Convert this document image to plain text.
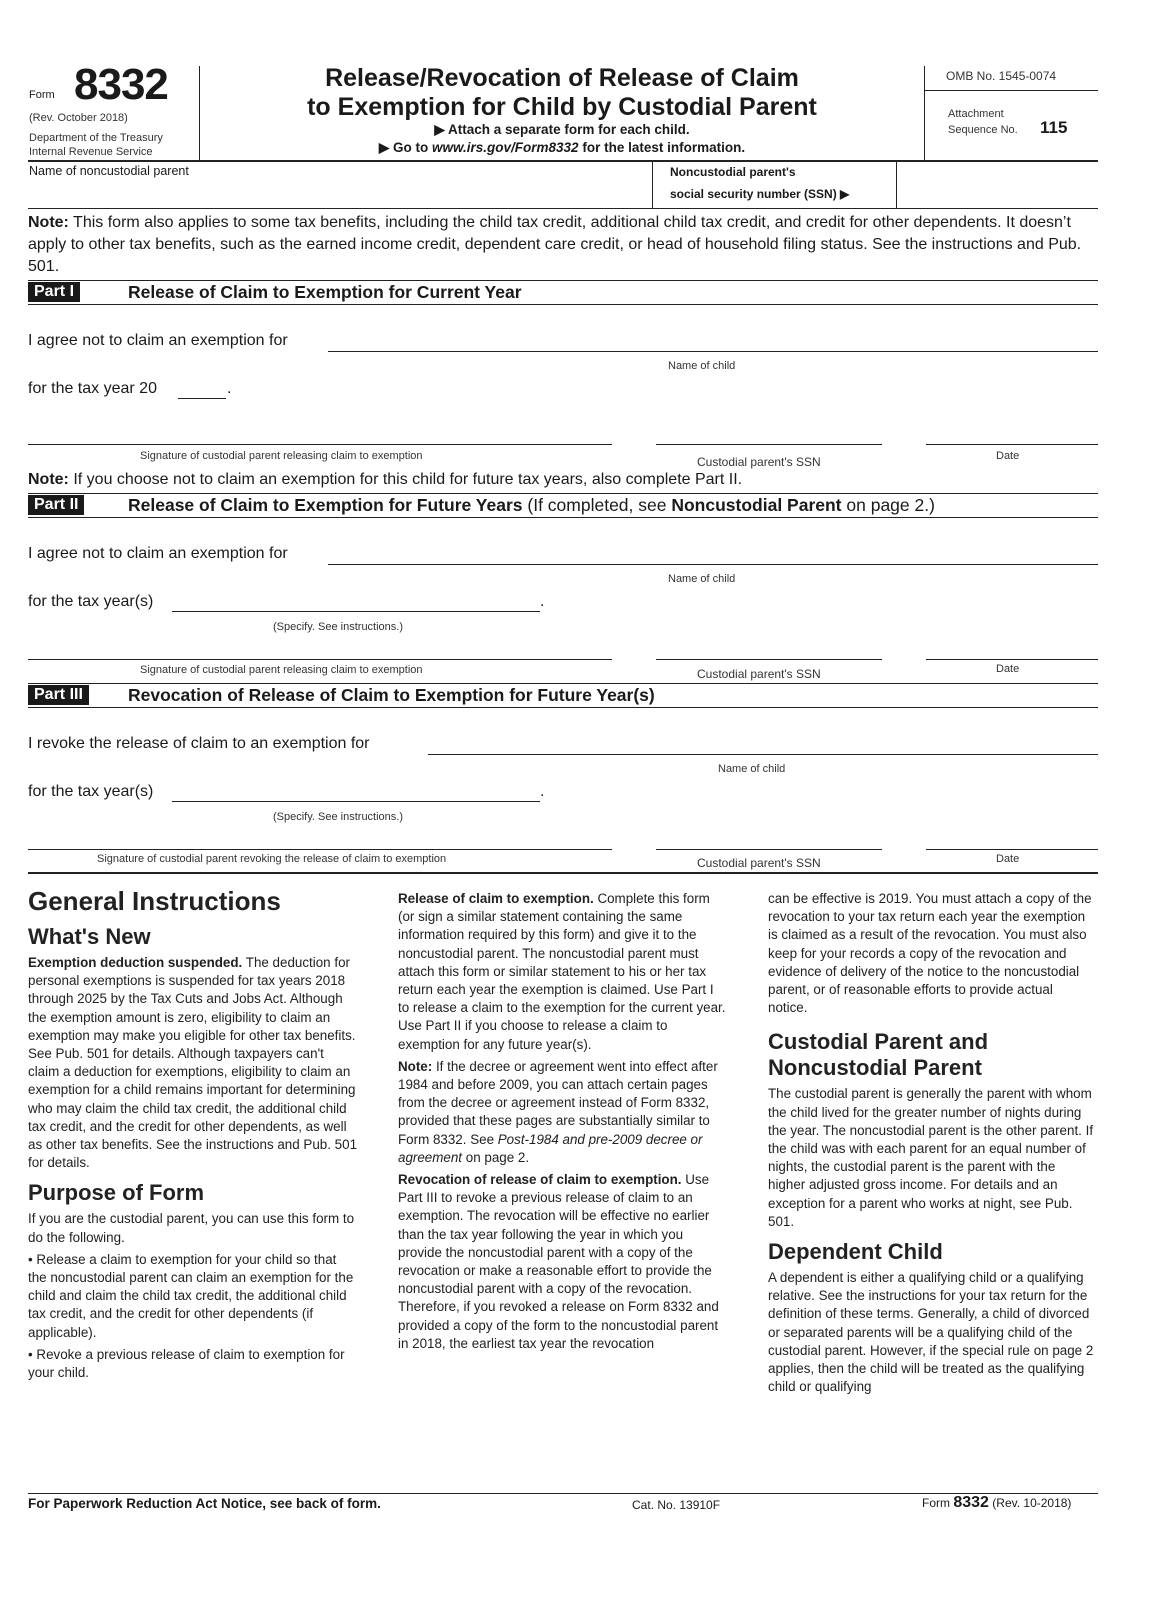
Form 8332
(Rev. October 2018)
Department of the Treasury
Internal Revenue Service
Release/Revocation of Release of Claim
to Exemption for Child by Custodial Parent
▶ Attach a separate form for each child.
▶ Go to www.irs.gov/Form8332 for the latest information.
OMB No. 1545-0074
Attachment
Sequence No. 115
Name of noncustodial parent	Noncustodial parent's
social security number (SSN) ▶
Note: This form also applies to some tax benefits, including the child tax credit, additional child tax credit, and credit for other dependents. It doesn’t apply to other tax benefits, such as the earned income credit, dependent care credit, or head of household filing status. See the instructions and Pub. 501.
Part I	Release of Claim to Exemption for Current Year
I agree not to claim an exemption for
Name of child
for the tax year 20	.
Signature of custodial parent releasing claim to exemption	Custodial parent's SSN	Date
Note: If you choose not to claim an exemption for this child for future tax years, also complete Part II.
Part II	Release of Claim to Exemption for Future Years (If completed, see Noncustodial Parent on page 2.)
I agree not to claim an exemption for
Name of child
for the tax year(s)	.
(Specify. See instructions.)
Signature of custodial parent releasing claim to exemption	Custodial parent's SSN	Date
Part III	Revocation of Release of Claim to Exemption for Future Year(s)
I revoke the release of claim to an exemption for
Name of child
for the tax year(s)	.
(Specify. See instructions.)
Signature of custodial parent revoking the release of claim to exemption	Custodial parent's SSN	Date
General Instructions
What's New

Exemption deduction suspended. The deduction for personal exemptions is suspended for tax years 2018 through 2025 by the Tax Cuts and Jobs Act. Although the exemption amount is zero, eligibility to claim an exemption may make you eligible for other tax benefits. See Pub. 501 for details. Although taxpayers can't claim a deduction for exemptions, eligibility to claim an exemption for a child remains important for determining who may claim the child tax credit, the additional child tax credit, and the credit for other dependents, as well as other tax benefits. See the instructions and Pub. 501 for details.

Purpose of Form

If you are the custodial parent, you can use this form to do the following.

• Release a claim to exemption for your child so that the noncustodial parent can claim an exemption for the child and claim the child tax credit, the additional child tax credit, and the credit for other dependents (if applicable).

• Revoke a previous release of claim to exemption for your child.

Release of claim to exemption. Complete this form (or sign a similar statement containing the same information required by this form) and give it to the noncustodial parent. The noncustodial parent must attach this form or similar statement to his or her tax return each year the exemption is claimed. Use Part I to release a claim to the exemption for the current year. Use Part II if you choose to release a claim to exemption for any future year(s).

Note: If the decree or agreement went into effect after 1984 and before 2009, you can attach certain pages from the decree or agreement instead of Form 8332, provided that these pages are substantially similar to Form 8332. See Post-1984 and pre-2009 decree or agreement on page 2.

Revocation of release of claim to exemption. Use Part III to revoke a previous release of claim to an exemption. The revocation will be effective no earlier than the tax year following the year in which you provide the noncustodial parent with a copy of the revocation or make a reasonable effort to provide the noncustodial parent with a copy of the revocation. Therefore, if you revoked a release on Form 8332 and provided a copy of the form to the noncustodial parent in 2018, the earliest tax year the revocation

can be effective is 2019. You must attach a copy of the revocation to your tax return each year the exemption is claimed as a result of the revocation. You must also keep for your records a copy of the revocation and evidence of delivery of the notice to the noncustodial parent, or of reasonable efforts to provide actual notice.

Custodial Parent and Noncustodial Parent

The custodial parent is generally the parent with whom the child lived for the greater number of nights during the year. The noncustodial parent is the other parent. If the child was with each parent for an equal number of nights, the custodial parent is the parent with the higher adjusted gross income. For details and an exception for a parent who works at night, see Pub. 501.

Dependent Child

A dependent is either a qualifying child or a qualifying relative. See the instructions for your tax return for the definition of these terms. Generally, a child of divorced or separated parents will be a qualifying child of the custodial parent. However, if the special rule on page 2 applies, then the child will be treated as the qualifying child or qualifying

For Paperwork Reduction Act Notice, see back of form.	Cat. No. 13910F	Form 8332 (Rev. 10-2018)
